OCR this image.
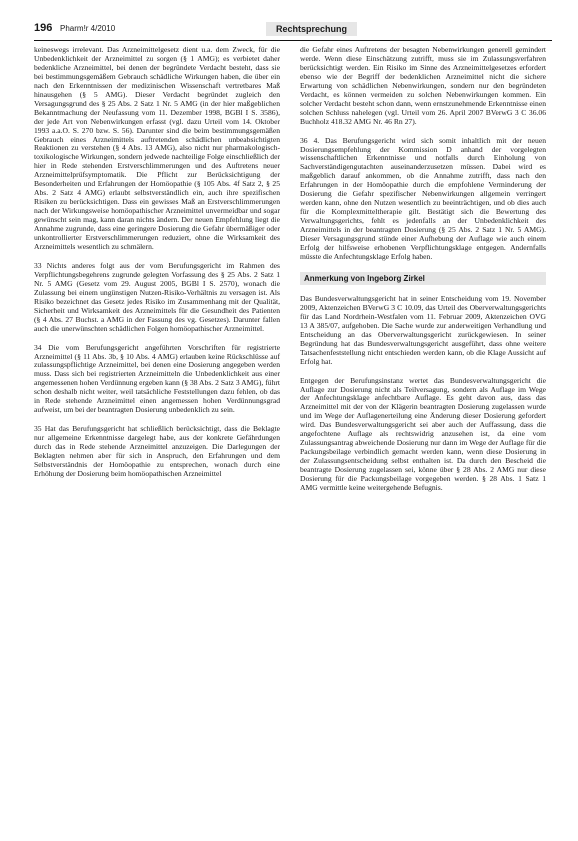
196 Pharm!r 4/2010	Rechtsprechung

keineswegs irrelevant. Das Arzneimittelgesetz dient u.a. dem Zweck, für die Unbedenklichkeit der Arzneimittel zu sorgen (§ 1 AMG); es verbietet daher bedenkliche Arzneimittel, bei denen der begründete Verdacht besteht, dass sie bei bestimmungsgemäßem Gebrauch schädliche Wirkungen haben, die über ein nach den Erkenntnissen der medizinischen Wissenschaft vertretbares Maß hinausgehen (§ 5 AMG). Dieser Verdacht begründet zugleich den Versagungsgrund des § 25 Abs. 2 Satz 1 Nr. 5 AMG (in der hier maßgeblichen Bekanntmachung der Neufassung vom 11. Dezember 1998, BGBl I S. 3586), der jede Art von Nebenwirkungen erfasst (vgl. dazu Urteil vom 14. Oktober 1993 a.a.O. S. 270 bzw. S. 56). Darunter sind die beim bestimmungsgemäßen Gebrauch eines Arzneimittels auftretenden schädlichen unbeabsichtigten Reaktionen zu verstehen (§ 4 Abs. 13 AMG), also nicht nur pharmakologisch-toxikologische Wirkungen, sondern jedwede nachteilige Folge einschließlich der hier in Rede stehenden Erstverschlimmerungen und des Auftretens neuer Arzneimittelprüfsymptomatik. Die Pflicht zur Berücksichtigung der Besonderheiten und Erfahrungen der Homöopathie (§ 105 Abs. 4f Satz 2, § 25 Abs. 2 Satz 4 AMG) erlaubt selbstverständlich ein, auch ihre spezifischen Risiken zu berücksichtigen. Dass ein gewisses Maß an Erstverschlimmerungen nach der Wirkungsweise homöopathischer Arzneimittel unvermeidbar und sogar gewünscht sein mag, kann daran nichts ändern. Der neuen Empfehlung liegt die Annahme zugrunde, dass eine geringere Dosierung die Gefahr übermäßiger oder unkontrollierter Erstverschlimmerungen reduziert, ohne die Wirksamkeit des Arzneimittels wesentlich zu schmälern.

33 Nichts anderes folgt aus der vom Berufungsgericht im Rahmen des Verpflichtungsbegehrens zugrunde gelegten Vorfassung des § 25 Abs. 2 Satz 1 Nr. 5 AMG (Gesetz vom 29. August 2005, BGBl I S. 2570), wonach die Zulassung bei einem ungünstigen Nutzen-Risiko-Verhältnis zu versagen ist. Als Risiko bezeichnet das Gesetz jedes Risiko im Zusammenhang mit der Qualität, Sicherheit und Wirksamkeit des Arzneimittels für die Gesundheit des Patienten (§ 4 Abs. 27 Buchst. a AMG in der Fassung des vg. Gesetzes). Darunter fallen auch die unerwünschten schädlichen Folgen homöopathischer Arzneimittel.

34 Die vom Berufungsgericht angeführten Vorschriften für registrierte Arzneimittel (§ 11 Abs. 3b, § 10 Abs. 4 AMG) erlauben keine Rückschlüsse auf zulassungspflichtige Arzneimittel, bei denen eine Dosierung angegeben werden muss. Dass sich bei registrierten Arzneimitteln die Unbedenklichkeit aus einer angemessenen hohen Verdünnung ergeben kann (§ 38 Abs. 2 Satz 3 AMG), führt schon deshalb nicht weiter, weil tatsächliche Feststellungen dazu fehlen, ob das in Rede stehende Arzneimittel einen angemessen hohen Verdünnungsgrad aufweist, um bei der beantragten Dosierung unbedenklich zu sein.

35 Hat das Berufungsgericht hat schließlich berücksichtigt, dass die Beklagte nur allgemeine Erkenntnisse dargelegt habe, aus der konkrete Gefährdungen durch das in Rede stehende Arzneimittel anzuzeigen. Die Darlegungen der Beklagten nehmen aber für sich in Anspruch, den Erfahrungen und dem Selbstverständnis der Homöopathie zu entsprechen, wonach durch eine Erhöhung der Dosierung beim homöopathischen Arzneimittel

die Gefahr eines Auftretens der besagten Nebenwirkungen generell gemindert werde. Wenn diese Einschätzung zutrifft, muss sie im Zulassungsverfahren berücksichtigt werden. Ein Risiko im Sinne des Arzneimittelgesetzes erfordert ebenso wie der Begriff der bedenklichen Arzneimittel nicht die sichere Erwartung von schädlichen Nebenwirkungen, sondern nur den begründeten Verdacht, es können vermeiden zu solchen Nebenwirkungen kommen. Ein solcher Verdacht besteht schon dann, wenn ernstzunehmende Erkenntnisse einen solchen Schluss nahelegen (vgl. Urteil vom 26. April 2007 BVerwG 3 C 36.06 Buchholz 418.32 AMG Nr. 46 Rn 27).

36 4. Das Berufungsgericht wird sich somit inhaltlich mit der neuen Dosierungsempfehlung der Kommission D anhand der vorgelegten wissenschaftlichen Erkenntnisse und notfalls durch Einholung von Sachverständigengutachten auseinanderzusetzen müssen. Dabei wird es maßgeblich darauf ankommen, ob die Annahme zutrifft, dass nach den Erfahrungen in der Homöopathie durch die empfohlene Verminderung der Dosierung die Gefahr spezifischer Nebenwirkungen allgemein verringert werden kann, ohne den Nutzen wesentlich zu beeinträchtigen, und ob dies auch für die Komplexmitteltherapie gilt. Bestätigt sich die Bewertung des Verwaltungsgerichts, fehlt es jedenfalls an der Unbedenklichkeit des Arzneimittels in der beantragten Dosierung (§ 25 Abs. 2 Satz 1 Nr. 5 AMG). Dieser Versagungsgrund stünde einer Aufhebung der Auflage wie auch einem Erfolg der hilfsweise erhobenen Verpflichtungsklage entgegen. Andernfalls müsste die Anfechtungsklage Erfolg haben.

Anmerkung von Ingeborg Zirkel

Das Bundesverwaltungsgericht hat in seiner Entscheidung vom 19. November 2009, Aktenzeichen BVerwG 3 C 10.09, das Urteil des Oberverwaltungsgerichts für das Land Nordrhein-Westfalen vom 11. Februar 2009, Aktenzeichen OVG 13 A 385/07, aufgehoben. Die Sache wurde zur anderweitigen Verhandlung und Entscheidung an das Oberverwaltungsgericht zurückgewiesen. In seiner Begründung hat das Bundesverwaltungsgericht ausgeführt, dass ohne weitere Tatsachenfeststellung nicht entschieden werden kann, ob die Klage Aussicht auf Erfolg hat.

Entgegen der Berufungsinstanz wertet das Bundesverwaltungsgericht die Auflage zur Dosierung nicht als Teilversagung, sondern als Auflage im Wege der Anfechtungsklage anfechtbare Auflage. Es geht davon aus, dass das Arzneimittel mit der von der Klägerin beantragten Dosierung zugelassen wurde und im Wege der Auflagenerteilung eine Änderung dieser Dosierung gefordert wird. Das Bundesverwaltungsgericht sei aber auch der Auffassung, dass die angefochtene Auflage als rechtswidrig anzusehen ist, da eine vom Zulassungsantrag abweichende Dosierung nur dann im Wege der Auflage für die Packungsbeilage verbindlich gemacht werden kann, wenn diese Dosierung in der Zulassungsentscheidung selbst enthalten ist. Da durch den Bescheid die beantragte Dosierung zugelassen sei, könne über § 28 Abs. 2 AMG nur diese Dosierung für die Packungsbeilage vorgegeben werden. § 28 Abs. 1 Satz 1 AMG vermittle keine weitergehende Befugnis.
